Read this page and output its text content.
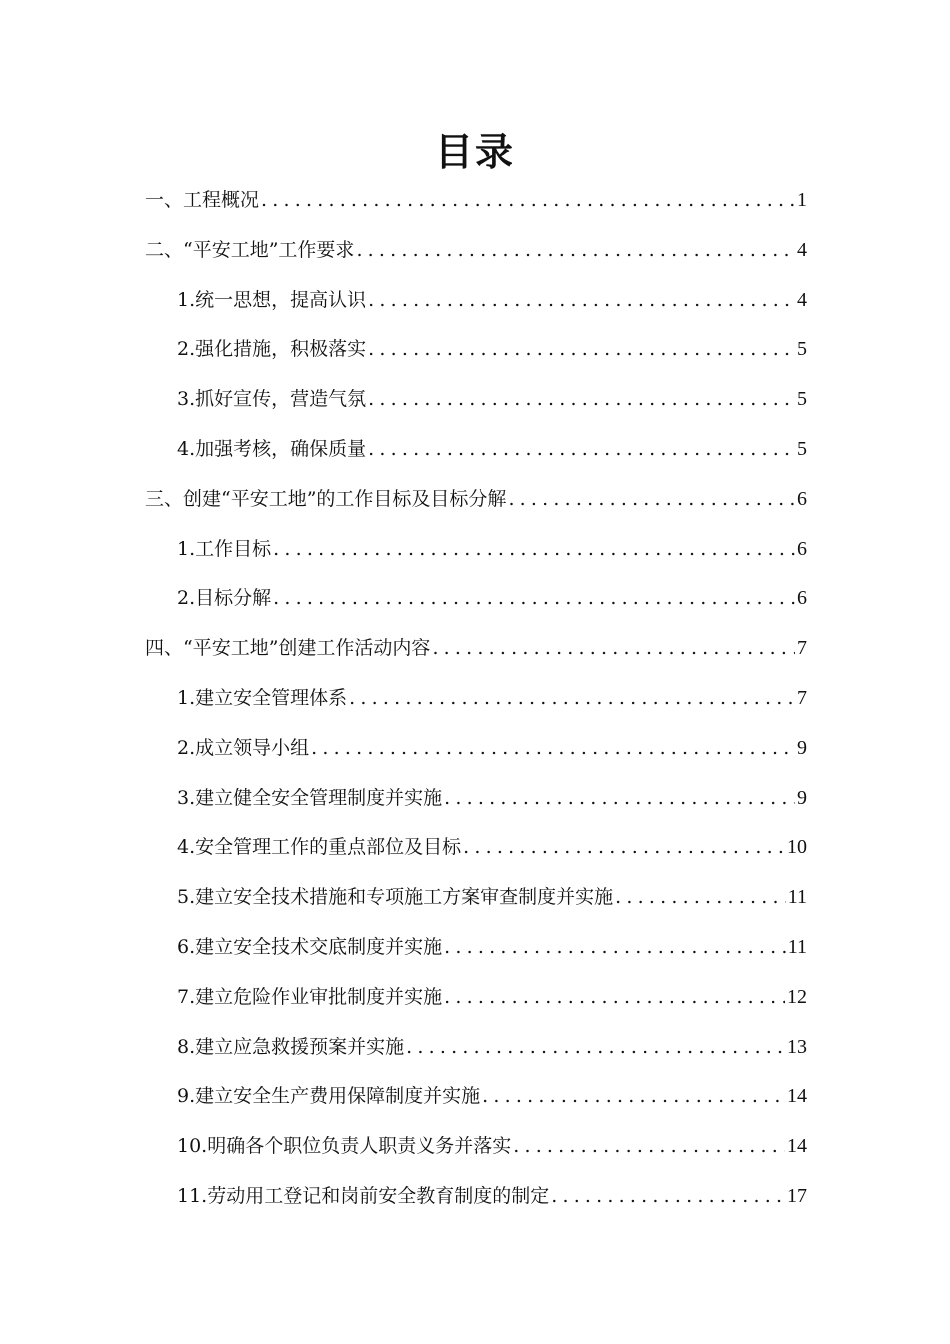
目录
一、工程概况 .....	1
二、“平安工地”工作要求 .....	4
1.统一思想，提高认识 .....	4
2.强化措施，积极落实 .....	5
3.抓好宣传，营造气氛 .....	5
4.加强考核，确保质量 .....	5
三、创建“平安工地”的工作目标及目标分解 .....	6
1.工作目标 .....	6
2.目标分解 .....	6
四、“平安工地”创建工作活动内容 .....	7
1.建立安全管理体系 .....	7
2.成立领导小组 .....	9
3.建立健全安全管理制度并实施 .....	9
4.安全管理工作的重点部位及目标 .....	10
5.建立安全技术措施和专项施工方案审查制度并实施 .....	11
6.建立安全技术交底制度并实施 .....	11
7.建立危险作业审批制度并实施 .....	12
8.建立应急救援预案并实施 .....	13
9.建立安全生产费用保障制度并实施 .....	14
10.明确各个职位负责人职责义务并落实 .....	14
11.劳动用工登记和岗前安全教育制度的制定 .....	17
